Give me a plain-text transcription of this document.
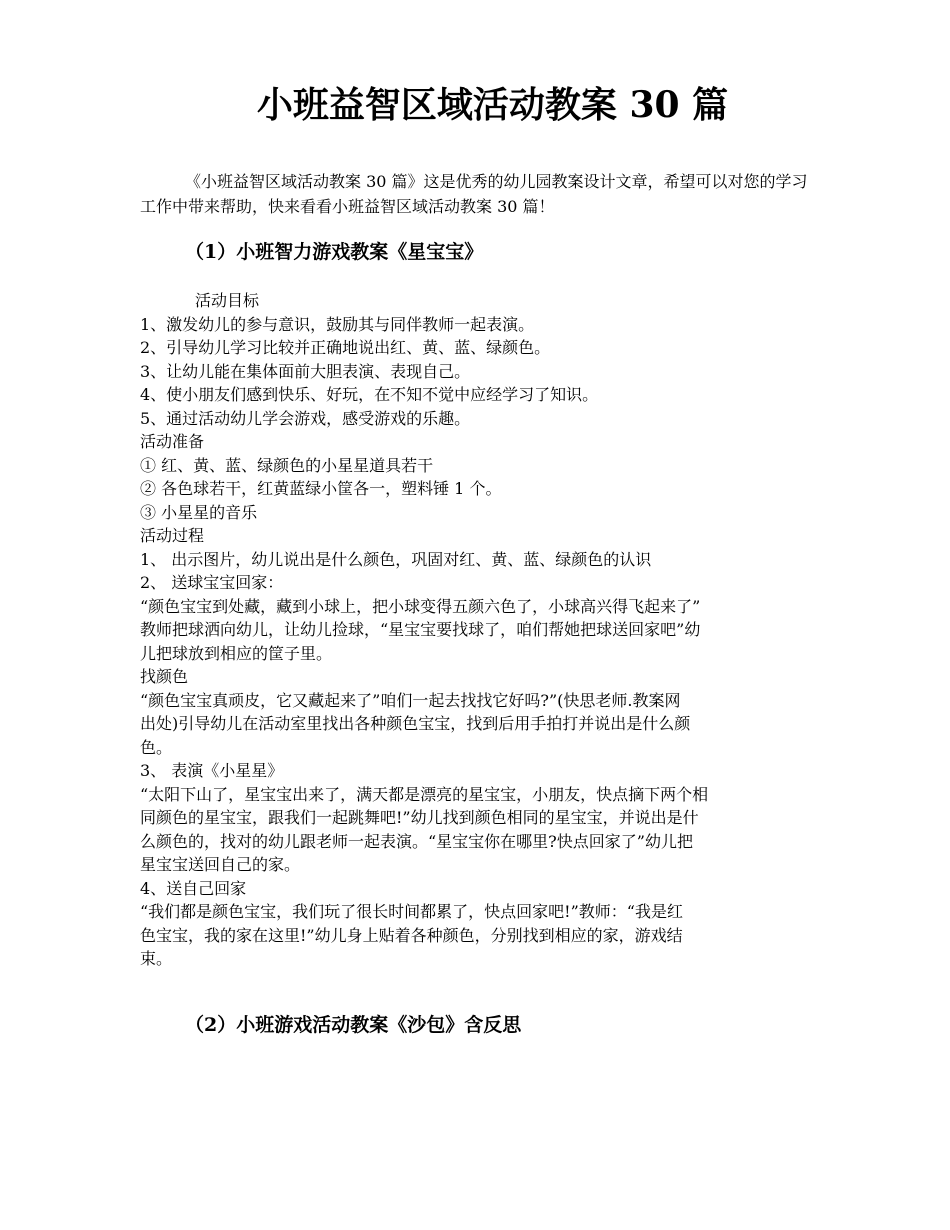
小班益智区域活动教案 30 篇

《小班益智区域活动教案 30 篇》这是优秀的幼儿园教案设计文章，希望可以对您的学习工作中带来帮助，快来看看小班益智区域活动教案 30 篇！

（1）小班智力游戏教案《星宝宝》
活动目标
1、激发幼儿的参与意识，鼓励其与同伴教师一起表演。
2、引导幼儿学习比较并正确地说出红、黄、蓝、绿颜色。
3、让幼儿能在集体面前大胆表演、表现自己。
4、使小朋友们感到快乐、好玩，在不知不觉中应经学习了知识。
5、通过活动幼儿学会游戏，感受游戏的乐趣。
活动准备
① 红、黄、蓝、绿颜色的小星星道具若干
② 各色球若干，红黄蓝绿小筐各一，塑料锤 1 个。
③ 小星星的音乐
活动过程
1、 出示图片，幼儿说出是什么颜色，巩固对红、黄、蓝、绿颜色的认识
2、 送球宝宝回家：
“颜色宝宝到处藏，藏到小球上，把小球变得五颜六色了，小球高兴得飞起来了”
教师把球洒向幼儿，让幼儿捡球，“星宝宝要找球了，咱们帮她把球送回家吧”幼
儿把球放到相应的筐子里。
找颜色
“颜色宝宝真顽皮，它又藏起来了”咱们一起去找找它好吗?”(快思老师.教案网
出处)引导幼儿在活动室里找出各种颜色宝宝，找到后用手拍打并说出是什么颜
色。
3、 表演《小星星》
“太阳下山了，星宝宝出来了，满天都是漂亮的星宝宝，小朋友，快点摘下两个相
同颜色的星宝宝，跟我们一起跳舞吧!”幼儿找到颜色相同的星宝宝，并说出是什
么颜色的，找对的幼儿跟老师一起表演。“星宝宝你在哪里?快点回家了”幼儿把
星宝宝送回自己的家。
4、送自己回家
“我们都是颜色宝宝，我们玩了很长时间都累了，快点回家吧!”教师：“我是红
色宝宝，我的家在这里!”幼儿身上贴着各种颜色，分别找到相应的家，游戏结
束。
（2）小班游戏活动教案《沙包》含反思
